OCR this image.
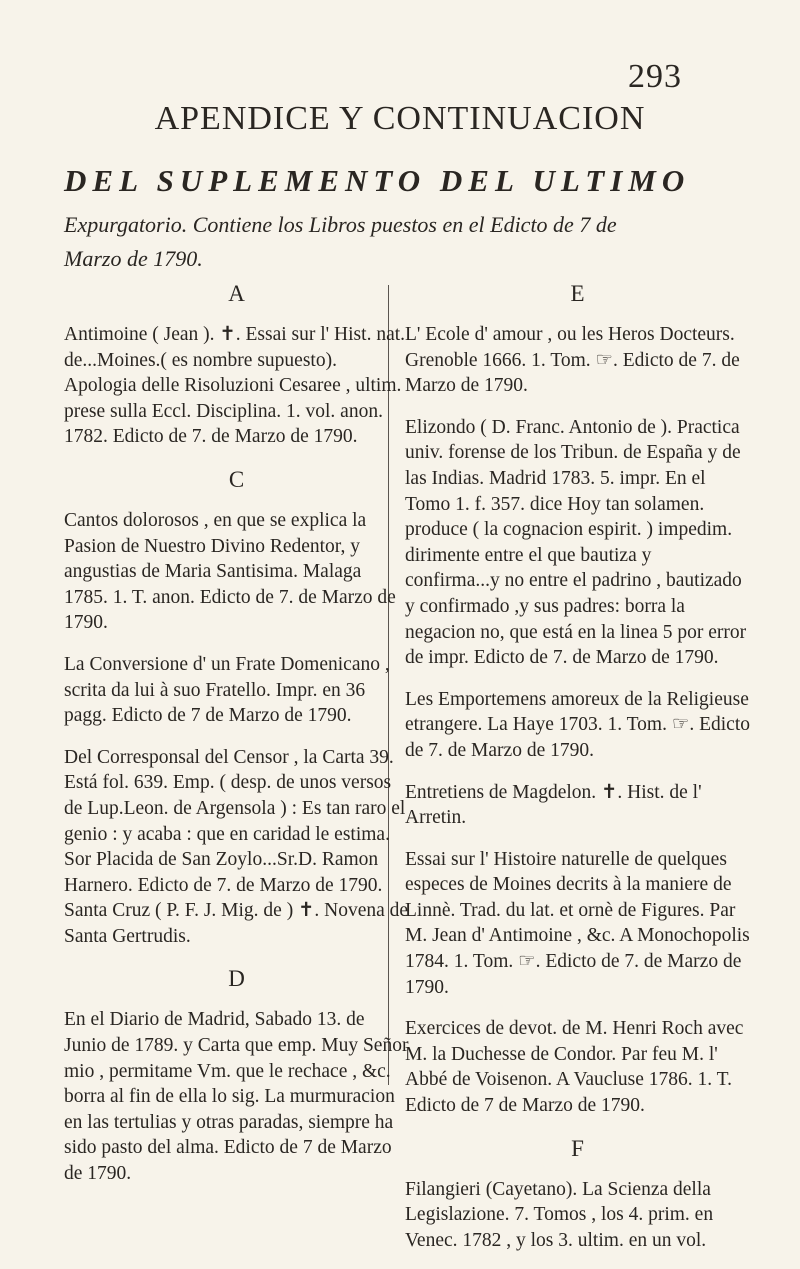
293
APENDICE Y CONTINUACION
DEL SUPLEMENTO DEL ULTIMO
Expurgatorio. Contiene los Libros puestos en el Edicto de 7 de
Marzo de 1790.
A
Antimoine ( Jean ). ✝. Essai sur l' Hist. nat. de...Moines.( es nombre supuesto). Apologia delle Risoluzioni Cesaree , ultim. prese sulla Eccl. Disciplina. 1. vol. anon. 1782. Edicto de 7. de Marzo de 1790.
C
Cantos dolorosos , en que se explica la Pasion de Nuestro Divino Redentor, y angustias de Maria Santisima. Malaga 1785. 1. T. anon. Edicto de 7. de Marzo de 1790.
La Conversione d' un Frate Domenicano , scrita da lui à suo Fratello. Impr. en 36 pagg. Edicto de 7 de Marzo de 1790.
Del Corresponsal del Censor , la Carta 39. Está fol. 639. Emp. ( desp. de unos versos de Lup.Leon. de Argensola ) : Es tan raro el genio : y acaba : que en caridad le estima. Sor Placida de San Zoylo...Sr.D. Ramon Harnero. Edicto de 7. de Marzo de 1790. Santa Cruz ( P. F. J. Mig. de ) ✝. Novena de Santa Gertrudis.
D
En el Diario de Madrid, Sabado 13. de Junio de 1789. y Carta que emp. Muy Señor mio , permitame Vm. que le rechace , &c. borra al fin de ella lo sig. La murmuracion en las tertulias y otras paradas, siempre ha sido pasto del alma. Edicto de 7 de Marzo de 1790.
E
L' Ecole d' amour , ou les Heros Docteurs. Grenoble 1666. 1. Tom. ☞. Edicto de 7. de Marzo de 1790.
Elizondo ( D. Franc. Antonio de ). Practica univ. forense de los Tribun. de España y de las Indias. Madrid 1783. 5. impr. En el Tomo 1. f. 357. dice Hoy tan solamen. produce ( la cognacion espirit. ) impedim. dirimente entre el que bautiza y confirma...y no entre el padrino , bautizado y confirmado ,y sus padres: borra la negacion no, que está en la linea 5 por error de impr. Edicto de 7. de Marzo de 1790.
Les Emportemens amoreux de la Religieuse etrangere. La Haye 1703. 1. Tom. ☞. Edicto de 7. de Marzo de 1790.
Entretiens de Magdelon. ✝. Hist. de l' Arretin.
Essai sur l' Histoire naturelle de quelques especes de Moines decrits à la maniere de Linnè. Trad. du lat. et ornè de Figures. Par M. Jean d' Antimoine , &c. A Monochopolis 1784. 1. Tom. ☞. Edicto de 7. de Marzo de 1790.
Exercices de devot. de M. Henri Roch avec M. la Duchesse de Condor. Par feu M. l' Abbé de Voisenon. A Vaucluse 1786. 1. T. Edicto de 7 de Marzo de 1790.
F
Filangieri (Cayetano). La Scienza della Legislazione. 7. Tomos , los 4. prim. en Venec. 1782 , y los 3. ultim. en un vol.
